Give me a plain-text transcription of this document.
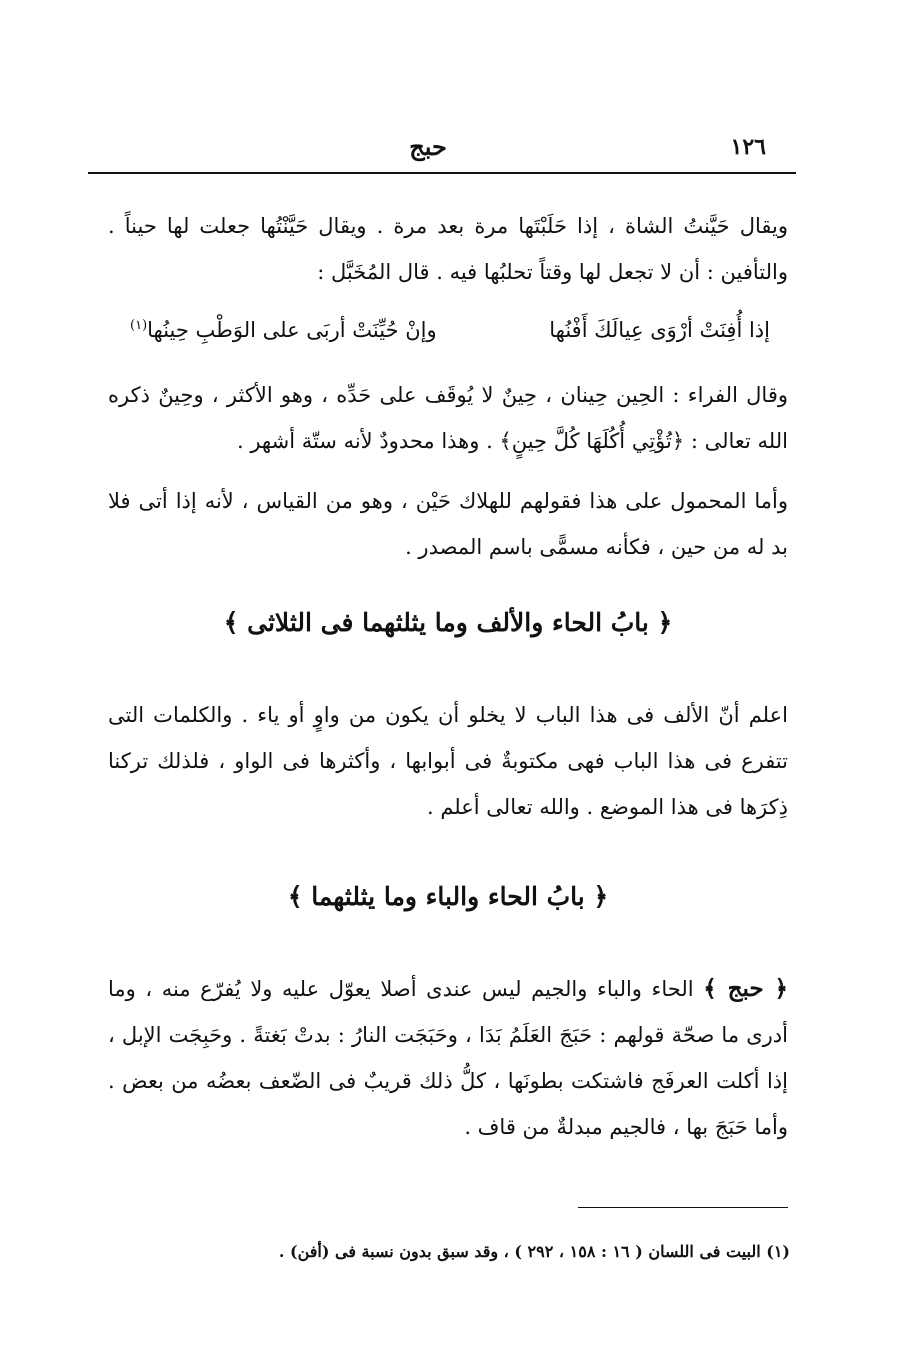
١٢٦
حبج

ويقال حَيَّنتُ الشاة ، إذا حَلَبْتَها مرة بعد مرة . ويقال حَيَّنْتُها جعلت لها حيناً . والتأفين : أن لا تجعل لها وقتاً تحلبُها فيه . قال المُخَبَّل :

إذا أُفِنَتْ أرْوَى عِيالَكَ أَفْنُها
وإنْ حُيِّنَتْ أربَى على الوَطْبِ حِينُها$^{(١)}$

وقال الفراء : الحِين حِينان ، حِينٌ لا يُوقَف على حَدِّه ، وهو الأكثر ، وحِينٌ ذكره الله تعالى : ﴿تُؤْتِي أُكُلَهَا كُلَّ حِينٍ﴾ . وهذا محدودٌ لأنه ستّة أشهر .

وأما المحمول على هذا فقولهم للهلاك حَيْن ، وهو من القياس ، لأنه إذا أتى فلا بد له من حين ، فكأنه مسمًّى باسم المصدر .

﴿ بابُ الحاء والألف وما يثلثهما فى الثلاثى ﴾

اعلم أنّ الألف فى هذا الباب لا يخلو أن يكون من واوٍ أو ياء . والكلمات التى تتفرع فى هذا الباب فهى مكتوبةٌ فى أبوابها ، وأكثرها فى الواو ، فلذلك تركنا ذِكرَها فى هذا الموضع . والله تعالى أعلم .

﴿ بابُ الحاء والباء وما يثلثهما ﴾

﴿ حبج ﴾ الحاء والباء والجيم ليس عندى أصلا يعوّل عليه ولا يُفرّع منه ، وما أدرى ما صحّة قولهم : حَبَجَ العَلَمُ بَدَا ، وحَبَجَت النارُ : بدتْ بَغتةً . وحَبِجَت الإبل ، إذا أكلت العرفَج فاشتكت بطونَها ، كلُّ ذلك قريبٌ فى الضّعف بعضُه من بعض . وأما حَبَجَ بها ، فالجيم مبدلةٌ من قاف .

(١) البيت فى اللسان ( ١٦ : ١٥٨ ، ٢٩٢ ) ، وقد سبق بدون نسبة فى (أفن) .
